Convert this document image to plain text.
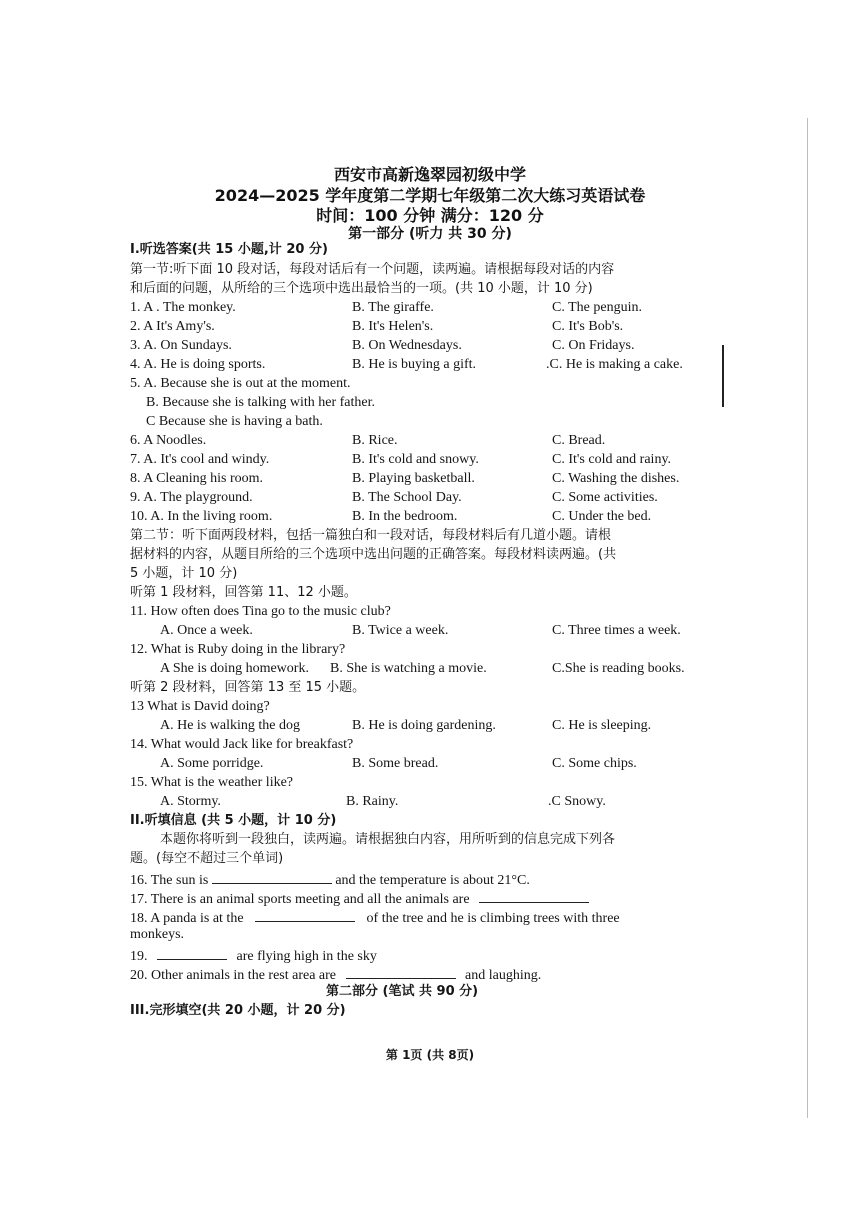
西安市高新逸翠园初级中学
2024—2025 学年度第二学期七年级第二次大练习英语试卷
时间：100 分钟 满分：120 分
第一部分 (听力 共 30 分)
I.听选答案(共 15 小题,计 20 分)
第一节:听下面 10 段对话，每段对话后有一个问题，读两遍。请根据每段对话的内容
和后面的问题，从所给的三个选项中选出最恰当的一项。(共 10 小题，计 10 分)
1. A . The monkey.	B. The giraffe.	C. The penguin.
2. A It's Amy's.	B. It's Helen's.	C. It's Bob's.
3. A. On Sundays.	B. On Wednesdays.	C. On Fridays.
4. A. He is doing sports.	B. He is buying a gift.	.C. He is making a cake.
5. A. Because she is out at the moment.
B. Because she is talking with her father.
C Because she is having a bath.
6. A Noodles.	B. Rice.	C. Bread.
7. A. It's cool and windy.	B. It's cold and snowy.	C. It's cold and rainy.
8. A Cleaning his room.	B. Playing basketball.	C. Washing the dishes.
9. A. The playground.	B. The School Day.	C. Some activities.
10. A. In the living room.	B. In the bedroom.	C. Under the bed.
第二节：听下面两段材料，包括一篇独白和一段对话，每段材料后有几道小题。请根
据材料的内容，从题目所给的三个选项中选出问题的正确答案。每段材料读两遍。(共
5 小题，计 10 分)
听第 1 段材料，回答第 11、12 小题。
11. How often does Tina go to the music club?
A. Once a week.	B. Twice a week.	C. Three times a week.
12. What is Ruby doing in the library?
A She is doing homework. B. She is watching a movie.	C.She is reading books.
听第 2 段材料，回答第 13 至 15 小题。
13 What is David doing?
A. He is walking the dog	B. He is doing gardening.	C. He is sleeping.
14. What would Jack like for breakfast?
A. Some porridge.	B. Some bread.	C. Some chips.
15. What is the weather like?
A. Stormy.	B. Rainy.	.C Snowy.
II.听填信息 (共 5 小题，计 10 分)
本题你将听到一段独白，读两遍。请根据独白内容，用所听到的信息完成下列各
题。(每空不超过三个单词)
16. The sun is	and the temperature is about 21°C.
17. There is an animal sports meeting and all the animals are
18. A panda is at the	of the tree and he is climbing trees with three
monkeys.
19.	are flying high in the sky
20. Other animals in the rest area are	and laughing.
第二部分 (笔试 共 90 分)
III.完形填空(共 20 小题，计 20 分)
第 1页 (共 8页)
